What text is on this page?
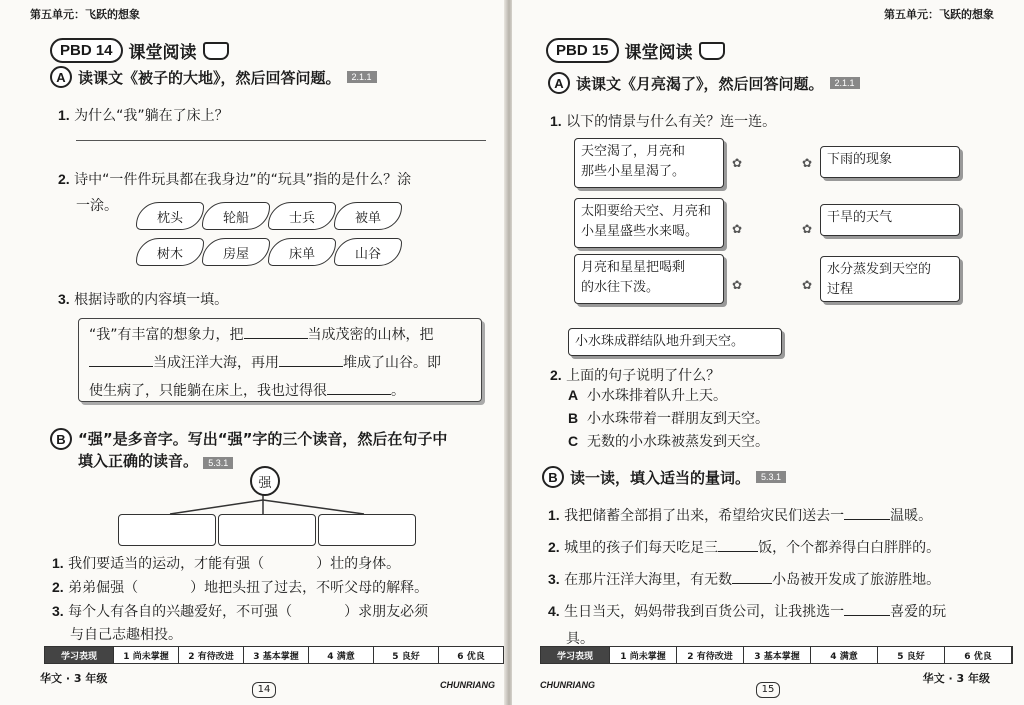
第五单元：飞跃的想象
PBD 14 课堂阅读
A 读课文《被子的大地》，然后回答问题。	2.1.1
1. 为什么“我”躺在了床上？
2. 诗中“一件件玩具都在我身边”的“玩具”指的是什么？涂
一涂。
枕头	轮船	士兵	被单
树木	房屋	床单	山谷
3. 根据诗歌的内容填一填。
“我”有丰富的想象力，把	当成茂密的山林，把
当成汪洋大海，再用	堆成了山谷。即
使生病了，只能躺在床上，我也过得很	。
B “强”是多音字。写出“强”字的三个读音，然后在句子中
填入正确的读音。 5.3.1
强
1. 我们要适当的运动，才能有强（	）壮的身体。
2. 弟弟倔强（	）地把头扭了过去，不听父母的解释。
3. 每个人有各自的兴趣爱好，不可强（	）求朋友必须
与自己志趣相投。
学习表现	1 尚未掌握	2 有待改进	3 基本掌握	4 满意	5 良好	6 优良
华文 · 3 年级
14	CHUNRIANG
第五单元：飞跃的想象
PBD 15 课堂阅读
A 读课文《月亮渴了》，然后回答问题。	2.1.1
1. 以下的情景与什么有关？连一连。
天空渴了，月亮和
那些小星星渴了。
太阳要给天空、月亮和
小星星盛些水来喝。
月亮和星星把喝剩
的水往下泼。
✿
✿
✿
✿
✿
✿
下雨的现象
干旱的天气
水分蒸发到天空的
过程
小水珠成群结队地升到天空。
2. 上面的句子说明了什么？
A 小水珠排着队升上天。
B 小水珠带着一群朋友到天空。
C 无数的小水珠被蒸发到天空。
B 读一读，填入适当的量词。	5.3.1
1. 我把储蓄全部捐了出来，希望给灾民们送去一	温暖。
2. 城里的孩子们每天吃足三	饭，个个都养得白白胖胖的。
3. 在那片汪洋大海里，有无数	小岛被开发成了旅游胜地。
4. 生日当天，妈妈带我到百货公司，让我挑选一	喜爱的玩
具。
学习表现	1 尚未掌握	2 有待改进	3 基本掌握	4 满意	5 良好	6 优良
CHUNRIANG	15
华文 · 3 年级
